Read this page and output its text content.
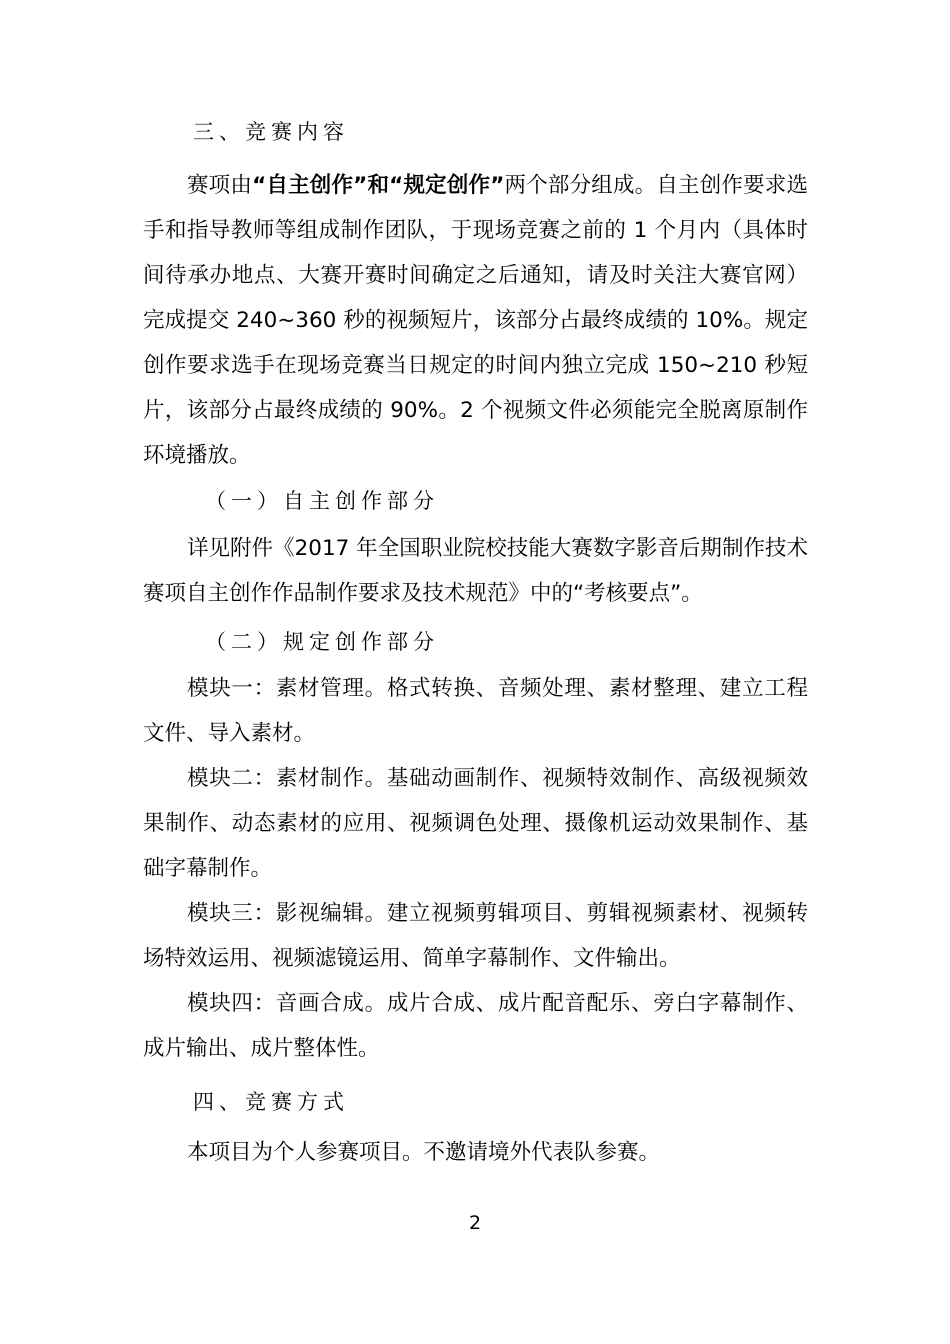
三、竞赛内容

赛项由“自主创作”和“规定创作”两个部分组成。自主创作要求选手和指导教师等组成制作团队，于现场竞赛之前的 1 个月内（具体时间待承办地点、大赛开赛时间确定之后通知，请及时关注大赛官网）完成提交 240~360 秒的视频短片，该部分占最终成绩的 10%。规定创作要求选手在现场竞赛当日规定的时间内独立完成 150~210 秒短片，该部分占最终成绩的 90%。2 个视频文件必须能完全脱离原制作环境播放。

（一）自主创作部分

详见附件《2017 年全国职业院校技能大赛数字影音后期制作技术赛项自主创作作品制作要求及技术规范》中的“考核要点”。

（二）规定创作部分

模块一：素材管理。格式转换、音频处理、素材整理、建立工程文件、导入素材。

模块二：素材制作。基础动画制作、视频特效制作、高级视频效果制作、动态素材的应用、视频调色处理、摄像机运动效果制作、基础字幕制作。

模块三：影视编辑。建立视频剪辑项目、剪辑视频素材、视频转场特效运用、视频滤镜运用、简单字幕制作、文件输出。

模块四：音画合成。成片合成、成片配音配乐、旁白字幕制作、成片输出、成片整体性。

四、竞赛方式

本项目为个人参赛项目。不邀请境外代表队参赛。

2
